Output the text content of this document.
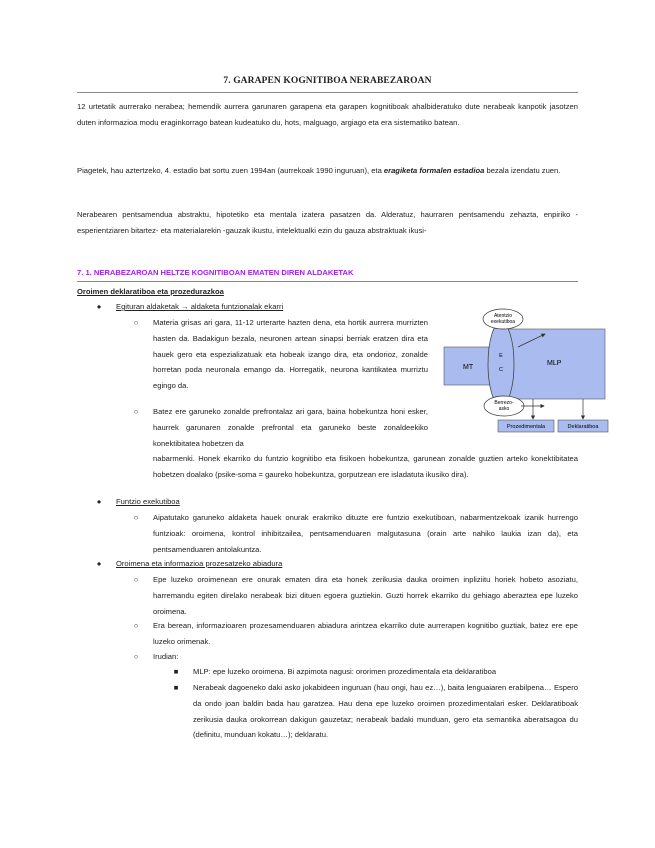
7. GARAPEN KOGNITIBOA NERABEZAROAN
12 urtetatik aurrerako nerabea; hemendik aurrera garunaren garapena eta garapen kognitiboak ahalbideratuko dute nerabeak kanpotik jasotzen duten informazioa modu eraginkorrago batean kudeatuko du, hots, malguago, argiago eta era sistematiko batean.
Piagetek, hau aztertzeko, 4. estadio bat sortu zuen 1994an (aurrekoak 1990 inguruan), eta eragiketa formalen estadioa bezala izendatu zuen.
Nerabearen pentsamendua abstraktu, hipotetiko eta mentala izatera pasatzen da. Alderatuz, haurraren pentsamendu zehazta, enpiriko -esperientziaren bitartez- eta materialarekin -gauzak ikustu, intelektualki ezin du gauza abstraktuak ikusi-
7. 1. NERABEZAROAN HELTZE KOGNITIBOAN EMATEN DIREN ALDAKETAK
Oroimen deklaratiboa eta prozedurazkoa
●	Egituran aldaketak → aldaketa funtzionalak ekarri
○	Materia grisas ari gara, 11-12 urterarte hazten dena, eta hortik aurrera murrizten hasten da. Badakigun bezala, neuronen artean sinapsi berriak eratzen dira eta hauek gero eta espezializatuak eta hobeak izango dira, eta ondorioz, zonalde horretan poda neuronala emango da. Horregatik, neurona kantikatea murriztu egingo da.
○	Batez ere garuneko zonalde prefrontalaz ari gara, baina hobekuntza honi esker, haurrek garunaren zonalde prefrontal eta garuneko beste zonaldeekiko konektibitatea hobetzen da
nabarmenki. Honek ekarriko du funtzio kognitibo eta fisikoen hobekuntza, garunean zonalde guztien arteko konektibitatea hobetzen doalako (psike-soma = gaureko hobekuntza, gorputzean ere isladatuta ikusiko dira).
Atentzio
exekutiboa
MT
MLP
E
C
Berrezo-
asko
Prozedimentala	Deklaratiboa
●	Funtzio exekutiboa
○	Aipatutako garuneko aldaketa hauek onurak erakrriko dituzte ere funtzio exekutiboan, nabarmentzekoak izanik hurrengo funtzioak: oroimena, kontrol inhibitzailea, pentsamenduaren malgutasuna (orain arte nahiko laukia izan da), eta pentsamenduaren antolakuntza.
●	Oroimena eta informazioa prozesatzeko abiadura
○	Epe luzeko oroimenean ere onurak ematen dira eta honek zerikusia dauka oroimen inpliziitu horiek hobeto asoziatu, harremandu egiten direlako nerabeak bizi dituen egoera guztiekin. Guzti horrek ekarriko du gehiago aberaztea epe luzeko oroimena.
○	Era berean, informazioaren prozesamenduaren abiadura arintzea ekarriko dute aurrerapen kognitibo guztiak, batez ere epe luzeko orimenak.
○	Irudian:
■	MLP: epe luzeko oroimena. Bi azpimota nagusi: ororimen prozedimentala eta deklaratiboa
■	Nerabeak dagoeneko daki asko jokabideen inguruan (hau ongi, hau ez…), baita lenguaiaren erabilpena… Espero da ondo joan baldin bada hau garatzea. Hau dena epe luzeko oroimen prozedimentalari esker. Deklaratiboak zerikusia dauka orokorrean dakigun gauzetaz; nerabeak badaki munduan, gero eta semantika aberatsagoa du (definitu, munduan kokatu…); deklaratu.
